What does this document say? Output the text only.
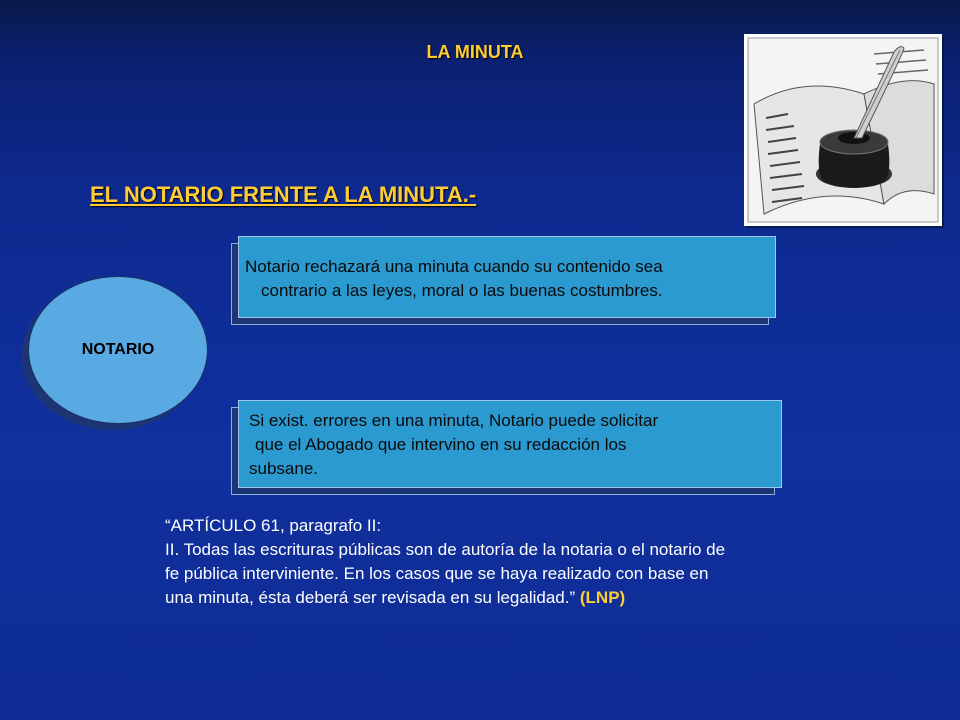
LA MINUTA
EL NOTARIO FRENTE A LA MINUTA.-
NOTARIO
Notario rechazará una minuta cuando su contenido sea
contrario a las leyes, moral o las buenas costumbres.
Si exist. errores en una minuta, Notario puede solicitar
que el Abogado que intervino en su redacción los
subsane.
“ARTÍCULO 61, paragrafo II:
II. Todas las escrituras públicas son de autoría de la notaria o el notario de
fe pública interviniente. En los casos que se haya realizado con base en
una minuta, ésta deberá ser revisada en su legalidad.” (LNP)
